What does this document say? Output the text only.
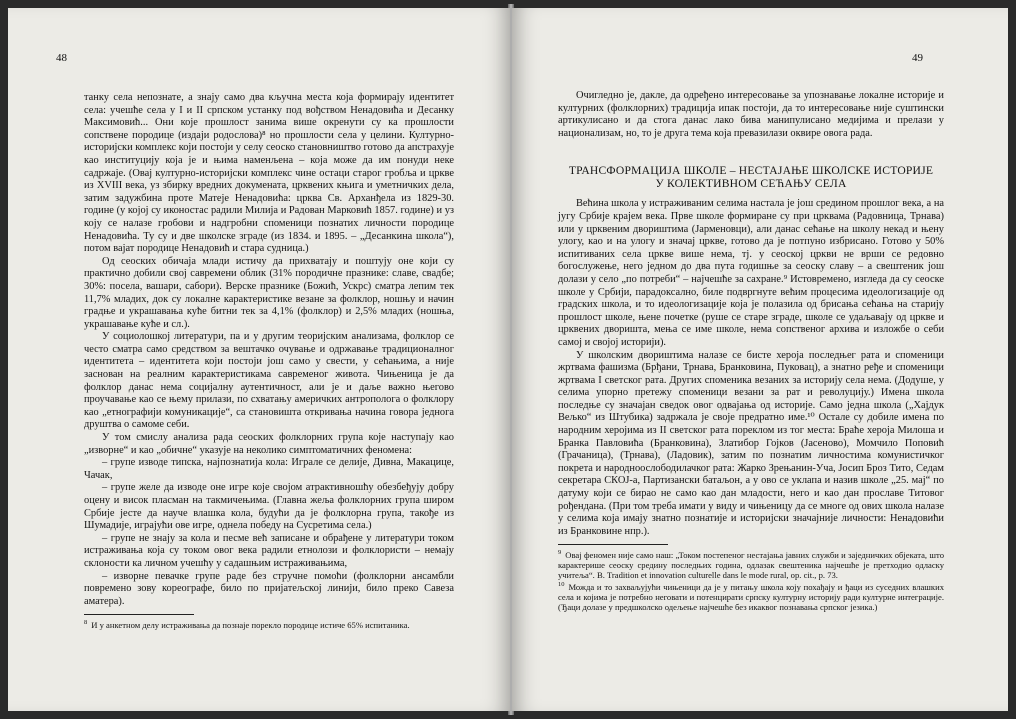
48

танку села непознате, а знају само два кључна места која формирају идентитет села: учешће села у I и II српском устанку под вођством Ненадовића и Десанку Максимовић... Они које прошлост занима више окренути су ка прошлости сопствене породице (издаји родослова)⁸ но прошлости села у целини. Културно-историјски комплекс који постоји у селу сеоско становништво готово да апстрахује као институцију која је и њима наменљена – која може да им понуди неке садржаје. (Овај културно-историјски комплекс чине остаци старог гробља и цркве из XVIII века, уз збирку вредних докумената, црквених књига и уметничких дела, затим задужбина проте Матеје Ненадовића: црква Св. Арханђела из 1829-30. године (у којој су иконостас радили Милија и Радован Марковић 1857. године) и уз коју се налазе гробови и надгробни споменици познатих личности породице Ненадовића. Ту су и две школске зграде (из 1834. и 1895. – „Десанкина школа“), потом вајат породице Ненадовић и стара судница.)

Од сеоских обичаја млади истичу да прихватају и поштују оне који су практично добили свој савремени облик (31% породичне празнике: славе, свадбе; 30%: посела, вашари, сабори). Верске празнике (Божић, Ускрс) сматра лепим тек 11,7% младих, док су локалне карактеристике везане за фолклор, ношњу и начин градње и украшавања куће битни тек за 4,1% (фолклор) и 2,5% младих (ношња, украшавање куће и сл.).

У социолошкој литератури, па и у другим теоријским анализама, фолклор се често сматра само средством за вештачко очување и одржавање традиционалног идентитета – идентитета који постоји још само у свести, у сећањима, а није заснован на реалним карактеристикама савременог живота. Чињеница је да фолклор данас нема социјалну аутентичност, али је и даље важно његово проучавање као се њему прилази, по схватању америчких антрополога о фолклору као „етнографији комуникације“, са становишта откривања начина говора једнога друштва о самоме себи.

У том смислу анализа рада сеоских фолклорних група које наступају као „изворне“ и као „обичне“ указује на неколико симптоматичних феномена:

– групе изводе типска, најпознатија кола: Играле се делије, Дивна, Макацице, Чачак,

– групе желе да изводе оне игре које својом атрактивношћу обезбеђују добру оцену и висок пласман на такмичењима. (Главна жеља фолклорних група широм Србије јесте да науче влашка кола, будући да је фолклорна група, такође из Шумадије, играјући ове игре, однела победу на Сусретима села.)

– групе не знају за кола и песме већ записане и обрађене у литератури током истраживања која су током овог века радили етнолози и фолклористи – немају склоности ка личном учешћу у садашњим истраживањима,

– изворне певачке групе раде без стручне помоћи (фолклорни ансамбли повремено зову кореографе, било по пријатељској линији, било преко Савеза аматера).

$^8$ И у анкетном делу истраживања да познаје порекло породице истиче 65% испитаника.

49

Очигледно је, дакле, да одређено интересовање за упознавање локалне историје и културних (фолклорних) традиција ипак постоји, да то интересовање није суштински артикулисано и да стога данас лако бива манипулисано медијима и прелази у национализам, но, то је друга тема која превазилази оквире овога рада.

ТРАНСФОРМАЦИЈА ШКОЛЕ – НЕСТАЈАЊЕ ШКОЛСКЕ ИСТОРИЈЕ
У КОЛЕКТИВНОМ СЕЋАЊУ СЕЛА

Већина школа у истраживаним селима настала је још средином прошлог века, а на југу Србије крајем века. Прве школе формиране су при црквама (Радовница, Трнава) или у црквеним двориштима (Јарменовци), али данас сећање на школу некад и њену улогу, као и на улогу и значај цркве, готово да је потпуно избрисано. Готово у 50% испитиваних села цркве више нема, тј. у сеоској цркви не врши се редовно богослужење, него једном до два пута годишње за сеоску славу – а свештеник још долази у село „по потреби“ – најчешће за сахране.⁹ Истовремено, изгледа да су сеоске школе у Србији, парадоксално, биле подвргнуте већим процесима идеологизације од градских школа, и то идеологизације која је полазила од брисања сећања на старију прошлост школе, њене почетке (руше се старе зграде, школе се удаљавају од цркве и црквених дворишта, мења се име школе, нема сопственог архива и изложбе о себи самој и својој историји).

У школским двориштима налазе се бисте хероја последњег рата и споменици жртвама фашизма (Брђани, Трнава, Бранковина, Пуковац), а знатно ређе и споменици жртвама I светског рата. Других споменика везаних за историју села нема. (Додуше, у селима упорно претежу споменици везани за рат и револуцију.) Имена школа последње су значајан сведок овог одвајања од историје. Само једна школа („Хајдук Вељко“ из Штубика) задржала је своје предратно име.¹⁰ Остале су добиле имена по народним херојима из II светског рата пореклом из тог места: Браће хероја Милоша и Бранка Павловића (Бранковина), Златибор Гојков (Јасеново), Момчило Поповић (Грачаница), (Трнава), (Ладовик), затим по познатим личностима комунистичког покрета и народноослободилачког рата: Жарко Зрењанин-Уча, Јосип Броз Тито, Седам секретара СКОЈ-а, Партизански батаљон, а у ово се уклапа и назив школе „25. мај“ по датуму који се бирао не само као дан младости, него и као дан прославе Титовог рођендана. (При том треба имати у виду и чињеницу да се многе од ових школа налазе у селима која имају знатно познатије и историјски значајније личности: Ненадовићи из Бранковине нпр.).

$^9$ Овај феномен није само наш: „Током постепеног нестајања јавних служби и заједничких објеката, што карактерише сеоску средину последњих година, одлазак свештеника најчешће је претходио одласку учитеља“. В. Tradition et innovation culturelle dans le mode rural, op. cit., p. 73.

$^{10}$ Можда и то захваљујући чињеници да је у питању школа коју похађају и ђаци из суседних влашких села и којима је потребно неговати и потенцирати српску културну историју ради културне интеграције. (Ђаци долазе у предшколско одељење најчешће без икаквог познавања српског језика.)
